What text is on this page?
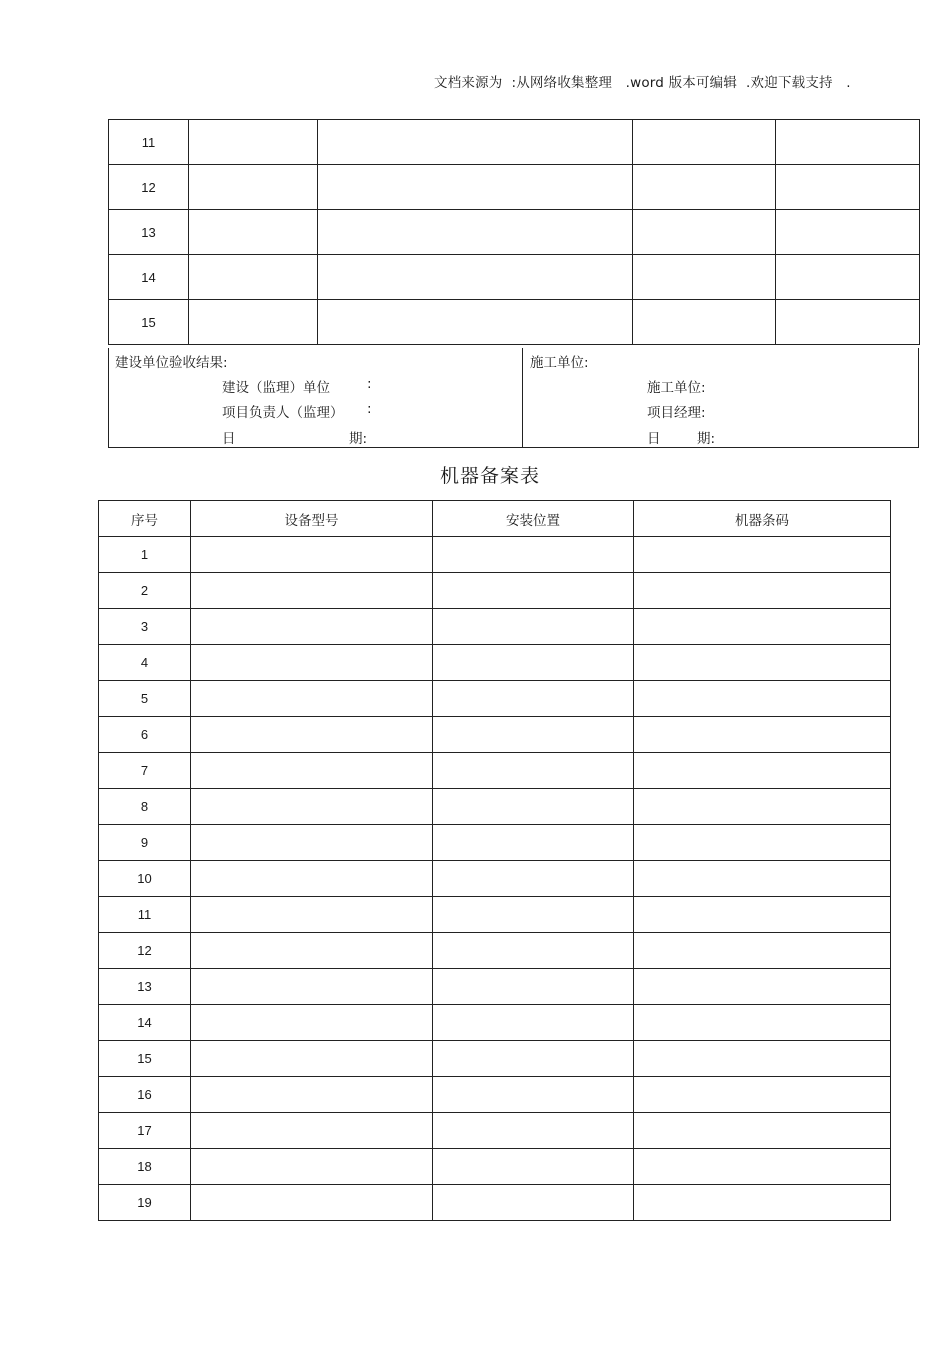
文档来源为  :从网络收集整理   .word 版本可编辑  .欢迎下载支持   .
11				
12				
13				
14				
15				
建设单位验收结果:
建设（监理）单位	:
项目负责人（监理） :
日	期:
施工单位:
施工单位:
项目经理:
日	期:
机器备案表
序号	设备型号	安装位置	机器条码
1			
2			
3			
4			
5			
6			
7			
8			
9			
10			
11			
12			
13			
14			
15			
16			
17			
18			
19			
